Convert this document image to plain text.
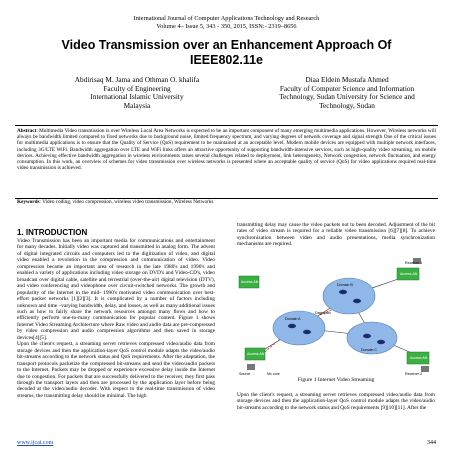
International Journal of Computer Applications Technology and Research
Volume 4– Issue 5, 343 - 350, 2015, ISSN:- 2319–8656
Video Transmission over an Enhancement Approach Of
IEEE802.11e
Abdirisaq M. Jama and Othman O. khalifa
Faculty of Engineering
International Islamic University
Malaysia
Diaa Eldein Mustafa Ahmed
Faculty of Computer Science and Information
Technology, Sudan University for Science and
Technology, Sudan
Abstract: Multimedia Video transmission is over Wireless Local Area Networks is expected to be an important component of many emerging multimedia applications. However, Wireless networks will always be bandwidth limited compared to fixed networks due to background noise, limited frequency spectrum, and varying degrees of network coverage and signal strength One of the critical issues for multimedia applications is to ensure that the Quality of Service (QoS) requirement to be maintained at an acceptable level. Modern mobile devices are equipped with multiple network interfaces, including 3G/LTE WiFi. Bandwidth aggregation over LTE and WiFi links offers an attractive opportunity of supporting bandwidth-intensive services, such as high-quality video streaming, on mobile devices. Achieving effective bandwidth aggregation in wireless environments raises several challenges related to deployment, link heterogeneity, Network congestion, network fluctuation, and energy consumption. In this work, an overview of schemes for video transmission over wireless networks is presented where an acceptable quality of service (QoS) for video applications required real-time video transmission is achieved.
Keywords: Video coding, video compression, wireless video transmission, Wireless Networks
1. INTRODUCTION
Video Transmission has been an important media for communications and entertainment for many decades. Initially video was captured and transmitted in analog form. The advent of digital integrated circuits and computers led to the digitization of video, and digital video enabled a revolution in the compression and communication of video. Video compression became an important area of research in the late 1980's and 1990's and enabled a variety of applications including video storage on DVD's and Video-CD's, video broadcast over digital cable, satellite and terrestrial (over-the-air) digital television (DTV), and video conferencing and videophone over circuit-switched networks. The growth and popularity of the Internet in the mid- 1990's motivated video communication over best-effort packet networks [1][2][3]. It is complicated by a number of factors including unknown and time –varying bandwidth, delay, and losses, as well as many additional issues such as how to fairly share the network resources amongst many flows and how to efficiently perform one-to-many communication for popular content. Figure 1 shows Internet Video Streaming Architecture where Raw video and audio data are pre-compressed by video compression and audio compression algorithms and then saved in storage devices[4][5].
Upon the client's request, a streaming server retrieves compressed video/audio data from storage devices and then the application-layer QoS control module adapts the video/audio bit-streams according to the network status and QoS requirements. After the adaptation, the transport protocols packetize the compressed bit-streams and send the video/audio packets to the Internet. Packets may be dropped or experience excessive delay inside the Internet due to congestion. For packets that are successfully delivered to the receiver, they first pass through the transport layers and then are processed by the application layer before being decoded at the video/audio decoder. With respect to the real-time transmission of video streams, the transmitting delay should be minimal. The high
transmitting delay may cause the video packets not to been decoded. Adjustment of the bit rates of video stream is required for a reliable video transmission [6][7][8]. To achieve synchronization between video and audio presentations, media synchronization mechanisms are required.
Receiver 1
Receiver 2
Domain A
Domain B
Domain C
Data path
Source	Mc core
Access AN
Access AN
Access AN
Access AN
Figure 1 Internet Video Streaming
Upon the client's request, a streaming server retrieves compressed video/audio data from storage devices and then the application-layer QoS control module adapts the video/audio bit-streams according to the network status and QoS requirements [9][10][11]. After the
www.ijcat.com	344
